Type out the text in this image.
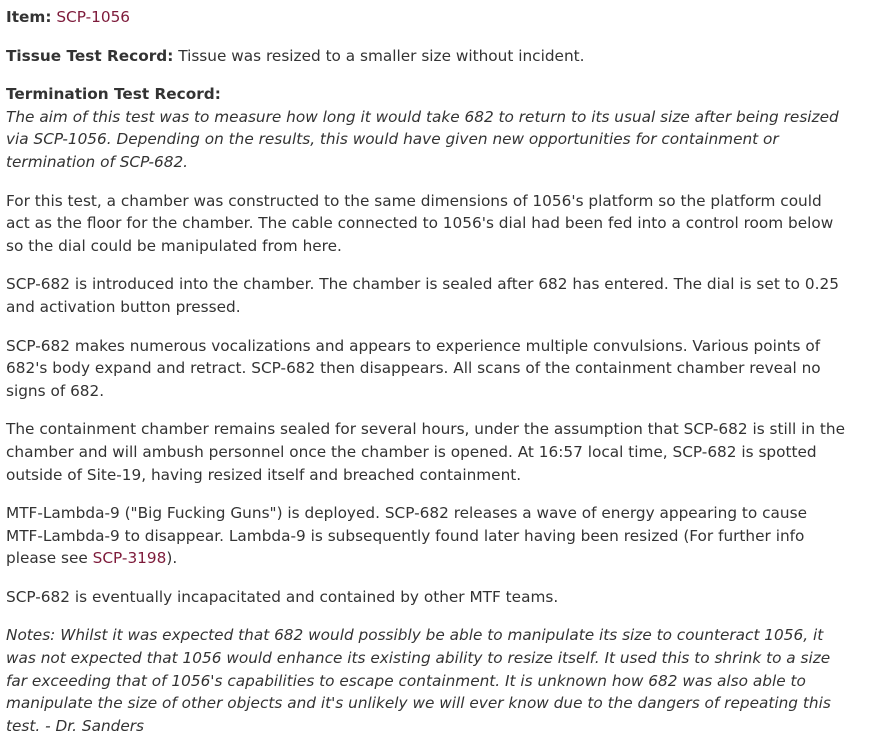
Item: SCP-1056

Tissue Test Record: Tissue was resized to a smaller size without incident.

Termination Test Record:
The aim of this test was to measure how long it would take 682 to return to its usual size after being resized
via SCP-1056. Depending on the results, this would have given new opportunities for containment or
termination of SCP-682.

For this test, a chamber was constructed to the same dimensions of 1056's platform so the platform could
act as the floor for the chamber. The cable connected to 1056's dial had been fed into a control room below
so the dial could be manipulated from here.

SCP-682 is introduced into the chamber. The chamber is sealed after 682 has entered. The dial is set to 0.25
and activation button pressed.

SCP-682 makes numerous vocalizations and appears to experience multiple convulsions. Various points of
682's body expand and retract. SCP-682 then disappears. All scans of the containment chamber reveal no
signs of 682.

The containment chamber remains sealed for several hours, under the assumption that SCP-682 is still in the
chamber and will ambush personnel once the chamber is opened. At 16:57 local time, SCP-682 is spotted
outside of Site-19, having resized itself and breached containment.

MTF-Lambda-9 ("Big Fucking Guns") is deployed. SCP-682 releases a wave of energy appearing to cause
MTF-Lambda-9 to disappear. Lambda-9 is subsequently found later having been resized (For further info
please see SCP-3198).

SCP-682 is eventually incapacitated and contained by other MTF teams.

Notes: Whilst it was expected that 682 would possibly be able to manipulate its size to counteract 1056, it
was not expected that 1056 would enhance its existing ability to resize itself. It used this to shrink to a size
far exceeding that of 1056's capabilities to escape containment. It is unknown how 682 was also able to
manipulate the size of other objects and it's unlikely we will ever know due to the dangers of repeating this
test. - Dr. Sanders
